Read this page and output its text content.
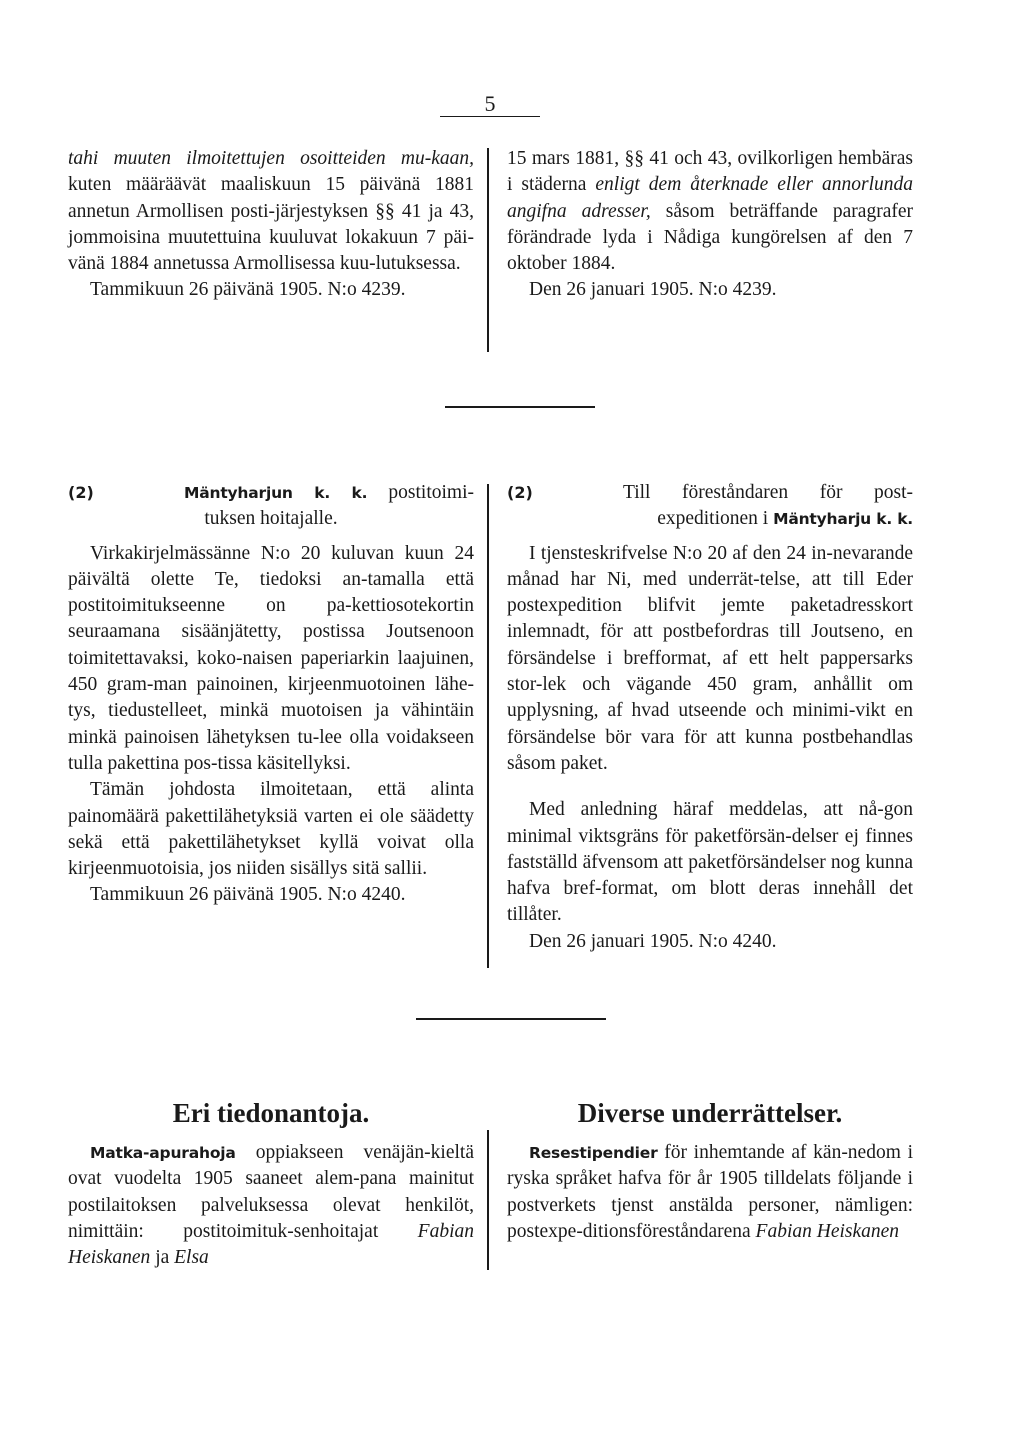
5

tahi muuten ilmoitettujen osoitteiden mu-kaan, kuten määräävät maaliskuun 15 päivänä 1881 annetun Armollisen posti-järjestyksen §§ 41 ja 43, jommoisina muutettuina kuuluvat lokakuun 7 päi-vänä 1884 annetussa Armollisessa kuu-lutuksessa.

Tammikuun 26 päivänä 1905. N:o 4239.

15 mars 1881, §§ 41 och 43, ovilkorligen hembäras i städerna enligt dem återknade eller annorlunda angifna adresser, såsom beträffande paragrafer förändrade lyda i Nådiga kungörelsen af den 7 oktober 1884.

Den 26 januari 1905. N:o 4239.

(2)	Mäntyharjun k. k. postitoimi-

tuksen hoitajalle.

Virkakirjelmässänne N:o 20 kuluvan kuun 24 päivältä olette Te, tiedoksi an-tamalla että postitoimitukseenne on pa-kettiosotekortin seuraamana sisäänjätetty, postissa Joutsenoon toimitettavaksi, koko-naisen paperiarkin laajuinen, 450 gram-man painoinen, kirjeenmuotoinen lähe-tys, tiedustelleet, minkä muotoisen ja vähintäin minkä painoisen lähetyksen tu-lee olla voidakseen tulla pakettina pos-tissa käsitellyksi.

Tämän johdosta ilmoitetaan, että alinta painomäärä pakettilähetyksiä varten ei ole säädetty sekä että pakettilähetykset kyllä voivat olla kirjeenmuotoisia, jos niiden sisällys sitä sallii.

Tammikuun 26 päivänä 1905. N:o 4240.

(2)	Till föreståndaren för post-

expeditionen i Mäntyharju k. k.

I tjensteskrifvelse N:o 20 af den 24 in-nevarande månad har Ni, med underrät-telse, att till Eder postexpedition blifvit jemte paketadresskort inlemnadt, för att postbefordras till Joutseno, en försändelse i brefformat, af ett helt pappersarks stor-lek och vägande 450 gram, anhållit om upplysning, af hvad utseende och minimi-vikt en försändelse bör vara för att kunna postbehandlas såsom paket.

Med anledning häraf meddelas, att nå-gon minimal viktsgräns för paketförsän-delser ej finnes fastställd äfvensom att paketförsändelser nog kunna hafva bref-format, om blott deras innehåll det tillåter.

Den 26 januari 1905. N:o 4240.

Eri tiedonantoja.	Diverse underrättelser.

Matka-apurahoja oppiakseen venäjän-kieltä ovat vuodelta 1905 saaneet alem-pana mainitut postilaitoksen palveluksessa olevat henkilöt, nimittäin: postitoimituk-senhoitajat Fabian Heiskanen ja Elsa

Resestipendier för inhemtande af kän-nedom i ryska språket hafva för år 1905 tilldelats följande i postverkets tjenst anstälda personer, nämligen: postexpe-ditionsföreståndarena Fabian Heiskanen
